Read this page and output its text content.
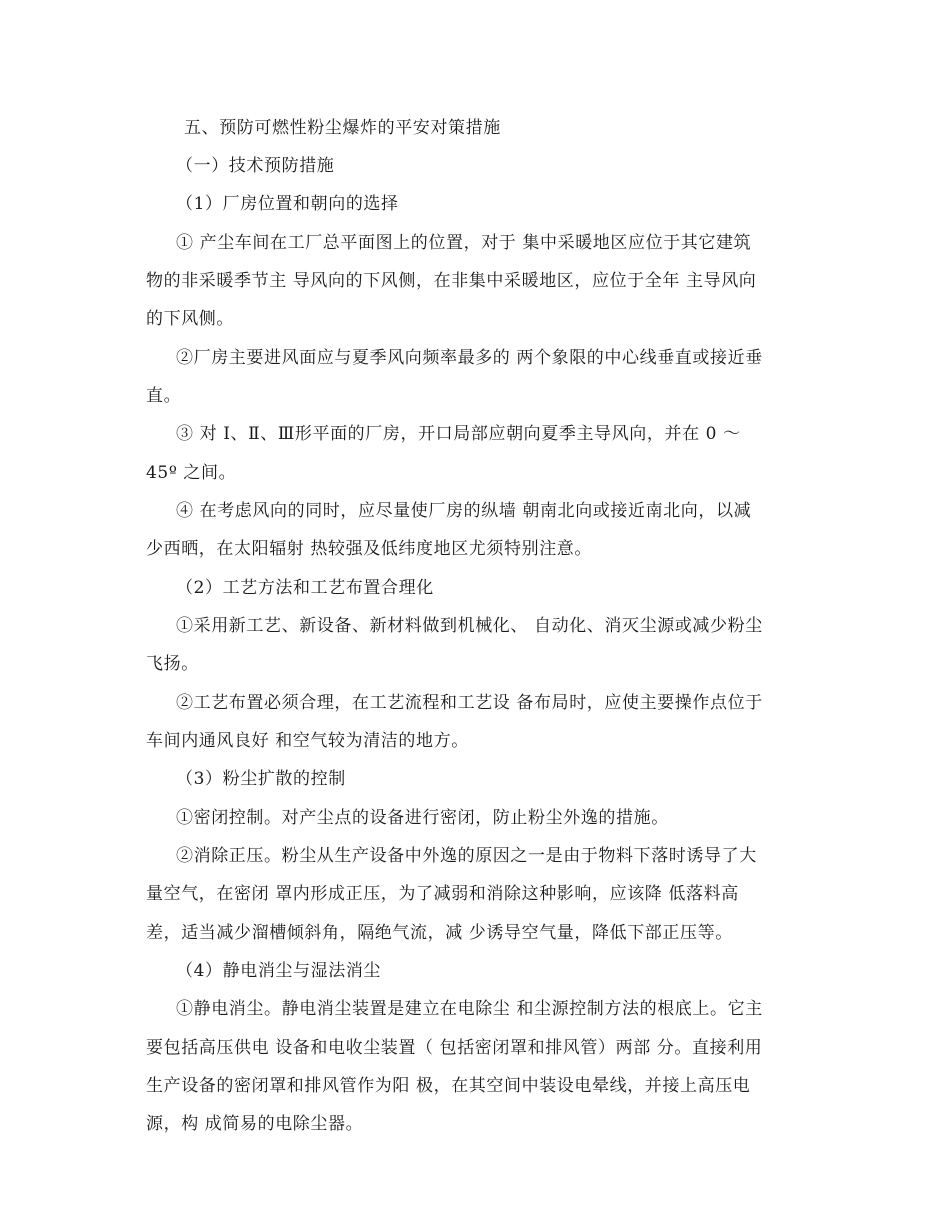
五、预防可燃性粉尘爆炸的平安对策措施
（一）技术预防措施
（1）厂房位置和朝向的选择
① 产尘车间在工厂总平面图上的位置，对于 集中采暖地区应位于其它建筑
物的非采暖季节主 导风向的下风侧，在非集中采暖地区，应位于全年 主导风向
的下风侧。
②厂房主要进风面应与夏季风向频率最多的 两个象限的中心线垂直或接近垂
直。
③ 对 I、Ⅱ、Ⅲ形平面的厂房，开口局部应朝向夏季主导风向，并在 0 ～
45º 之间。
④ 在考虑风向的同时，应尽量使厂房的纵墙 朝南北向或接近南北向，以减
少西晒，在太阳辐射 热较强及低纬度地区尤须特别注意。
（2）工艺方法和工艺布置合理化
①采用新工艺、新设备、新材料做到机械化、 自动化、消灭尘源或减少粉尘
飞扬。
②工艺布置必须合理，在工艺流程和工艺设 备布局时，应使主要操作点位于
车间内通风良好 和空气较为清洁的地方。
（3）粉尘扩散的控制
①密闭控制。对产尘点的设备进行密闭，防止粉尘外逸的措施。
②消除正压。粉尘从生产设备中外逸的原因之一是由于物料下落时诱导了大
量空气，在密闭 罩内形成正压，为了减弱和消除这种影响，应该降 低落料高
差，适当减少溜槽倾斜角，隔绝气流，减 少诱导空气量，降低下部正压等。
（4）静电消尘与湿法消尘
①静电消尘。静电消尘装置是建立在电除尘 和尘源控制方法的根底上。它主
要包括高压供电 设备和电收尘装置（ 包括密闭罩和排风管）两部 分。直接利用
生产设备的密闭罩和排风管作为阳 极，在其空间中装设电晕线，并接上高压电
源，构 成简易的电除尘器。
